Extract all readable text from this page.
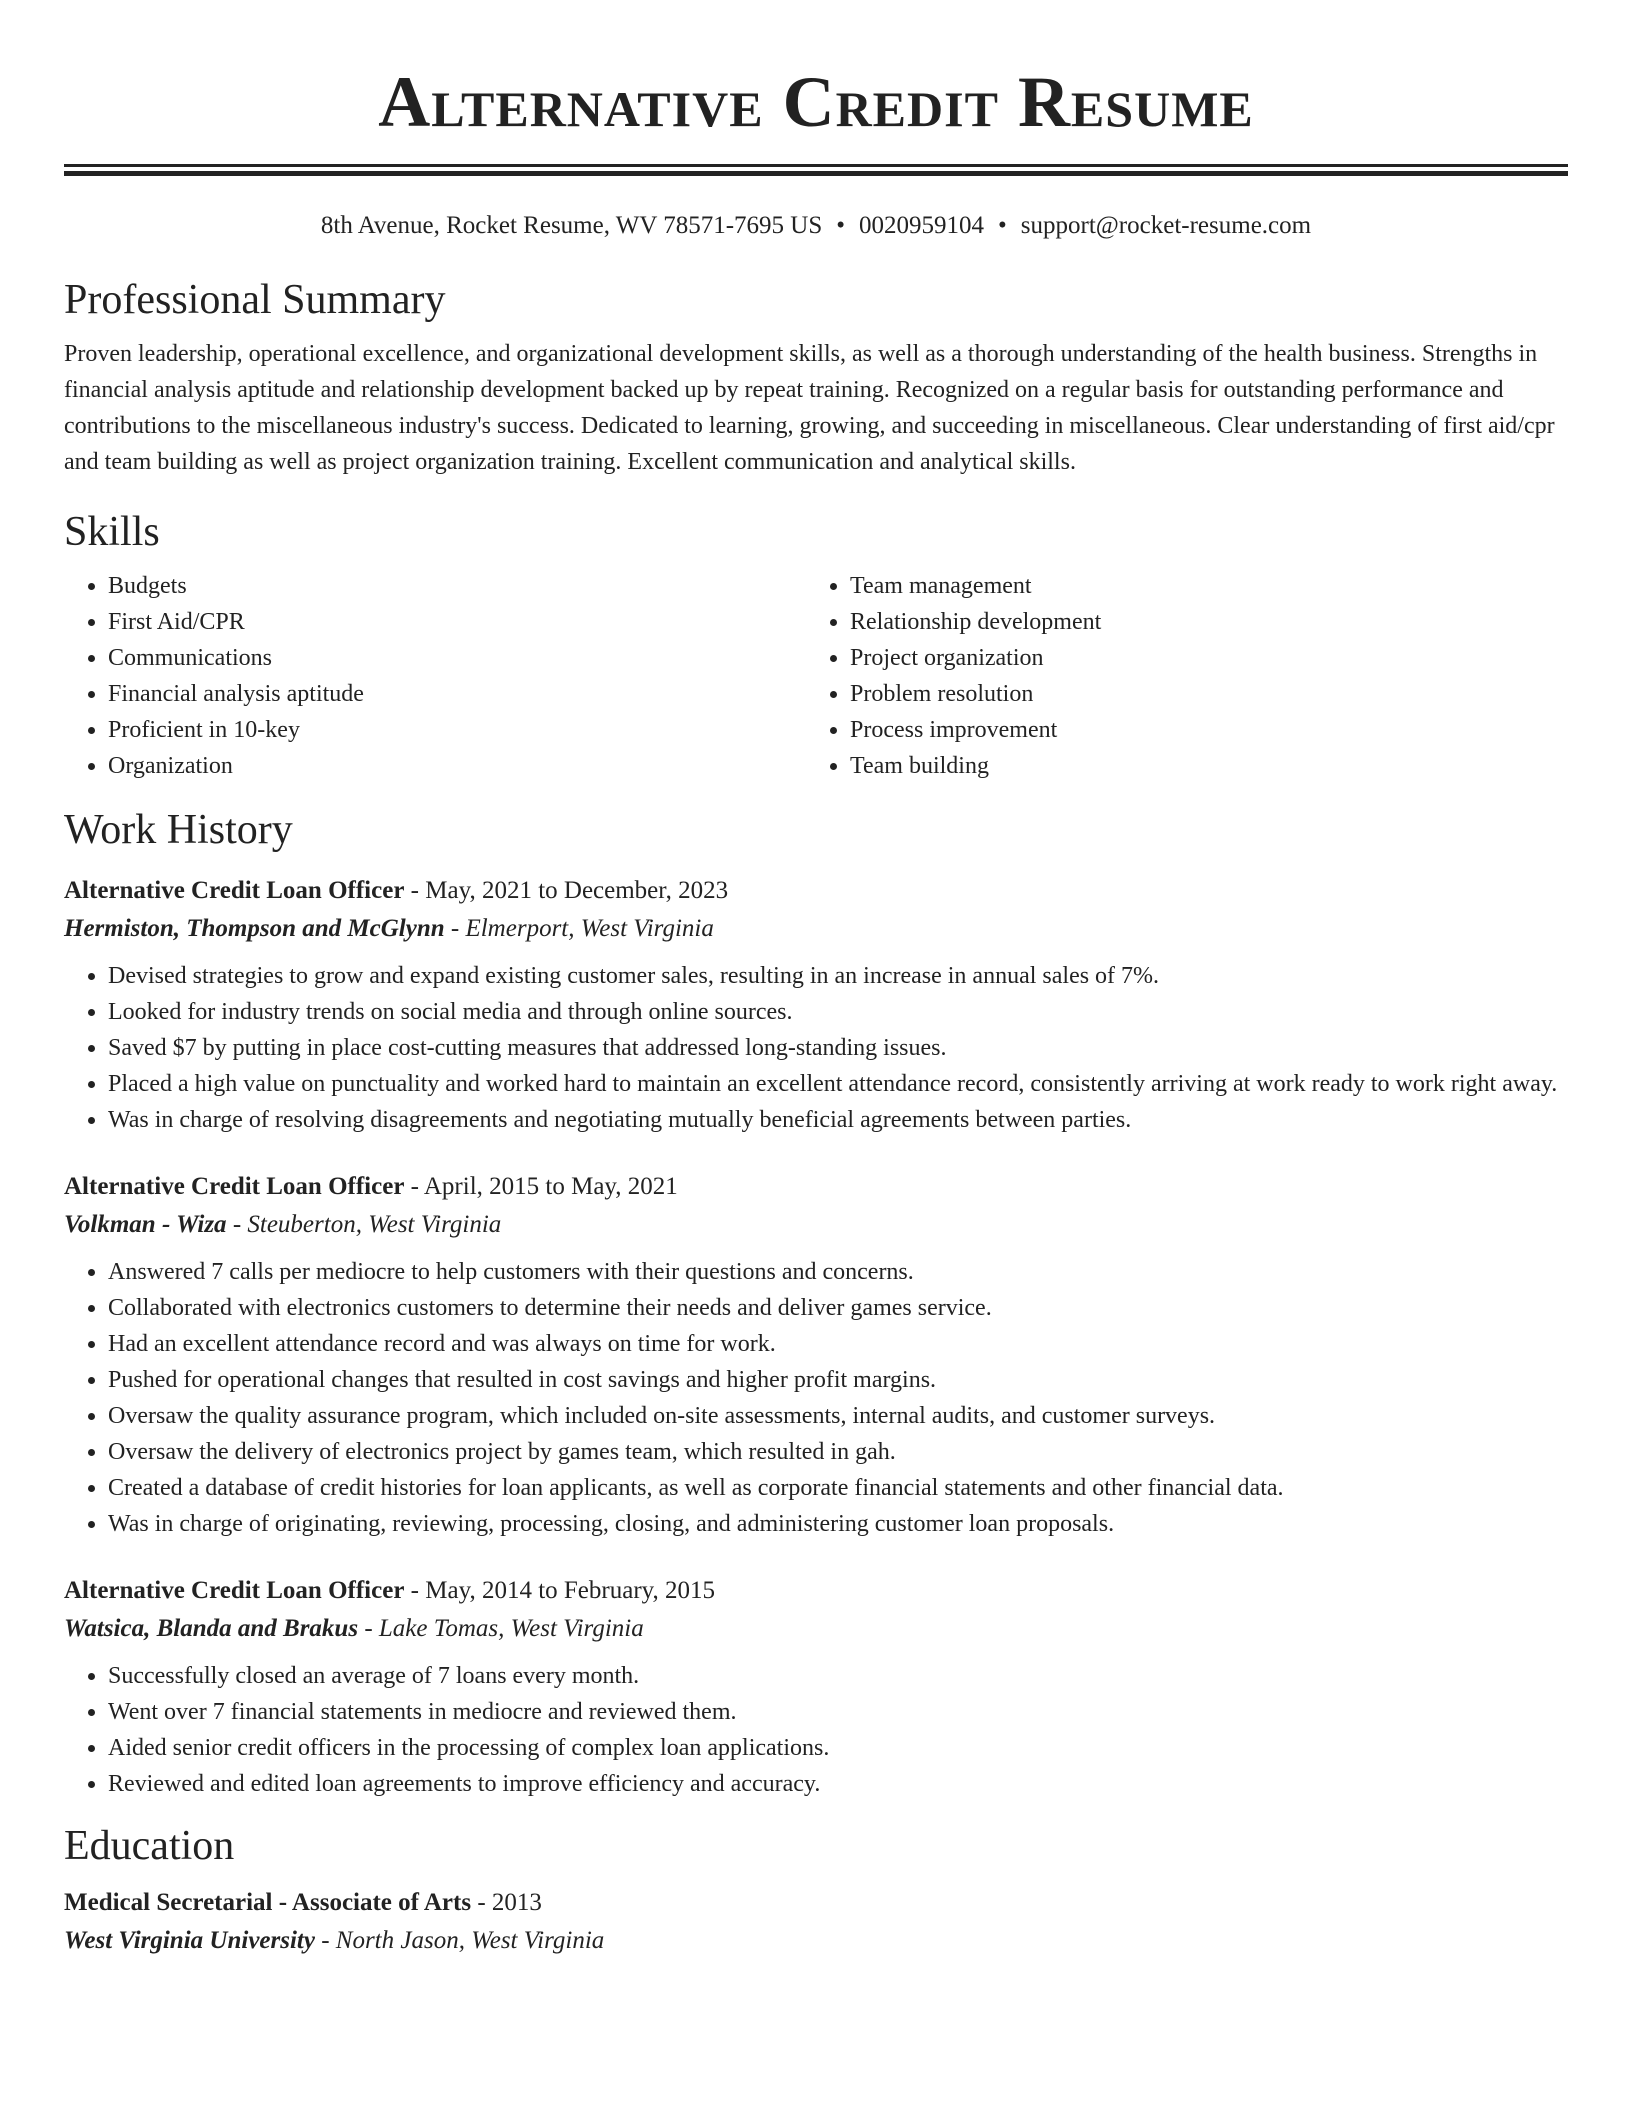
Alternative Credit Resume
8th Avenue, Rocket Resume, WV 78571-7695 US • 0020959104 • support@rocket-resume.com
Professional Summary
Proven leadership, operational excellence, and organizational development skills, as well as a thorough understanding of the health business. Strengths in financial analysis aptitude and relationship development backed up by repeat training. Recognized on a regular basis for outstanding performance and contributions to the miscellaneous industry's success. Dedicated to learning, growing, and succeeding in miscellaneous. Clear understanding of first aid/cpr and team building as well as project organization training. Excellent communication and analytical skills.
Skills
• Budgets
• First Aid/CPR
• Communications
• Financial analysis aptitude
• Proficient in 10-key
• Organization
• Team management
• Relationship development
• Project organization
• Problem resolution
• Process improvement
• Team building
Work History
Alternative Credit Loan Officer - May, 2021 to December, 2023
Hermiston, Thompson and McGlynn - Elmerport, West Virginia
• Devised strategies to grow and expand existing customer sales, resulting in an increase in annual sales of 7%.
• Looked for industry trends on social media and through online sources.
• Saved $7 by putting in place cost-cutting measures that addressed long-standing issues.
• Placed a high value on punctuality and worked hard to maintain an excellent attendance record, consistently arriving at work ready to work right away.
• Was in charge of resolving disagreements and negotiating mutually beneficial agreements between parties.
Alternative Credit Loan Officer - April, 2015 to May, 2021
Volkman - Wiza - Steuberton, West Virginia
• Answered 7 calls per mediocre to help customers with their questions and concerns.
• Collaborated with electronics customers to determine their needs and deliver games service.
• Had an excellent attendance record and was always on time for work.
• Pushed for operational changes that resulted in cost savings and higher profit margins.
• Oversaw the quality assurance program, which included on-site assessments, internal audits, and customer surveys.
• Oversaw the delivery of electronics project by games team, which resulted in gah.
• Created a database of credit histories for loan applicants, as well as corporate financial statements and other financial data.
• Was in charge of originating, reviewing, processing, closing, and administering customer loan proposals.
Alternative Credit Loan Officer - May, 2014 to February, 2015
Watsica, Blanda and Brakus - Lake Tomas, West Virginia
• Successfully closed an average of 7 loans every month.
• Went over 7 financial statements in mediocre and reviewed them.
• Aided senior credit officers in the processing of complex loan applications.
• Reviewed and edited loan agreements to improve efficiency and accuracy.
Education
Medical Secretarial - Associate of Arts - 2013
West Virginia University - North Jason, West Virginia
